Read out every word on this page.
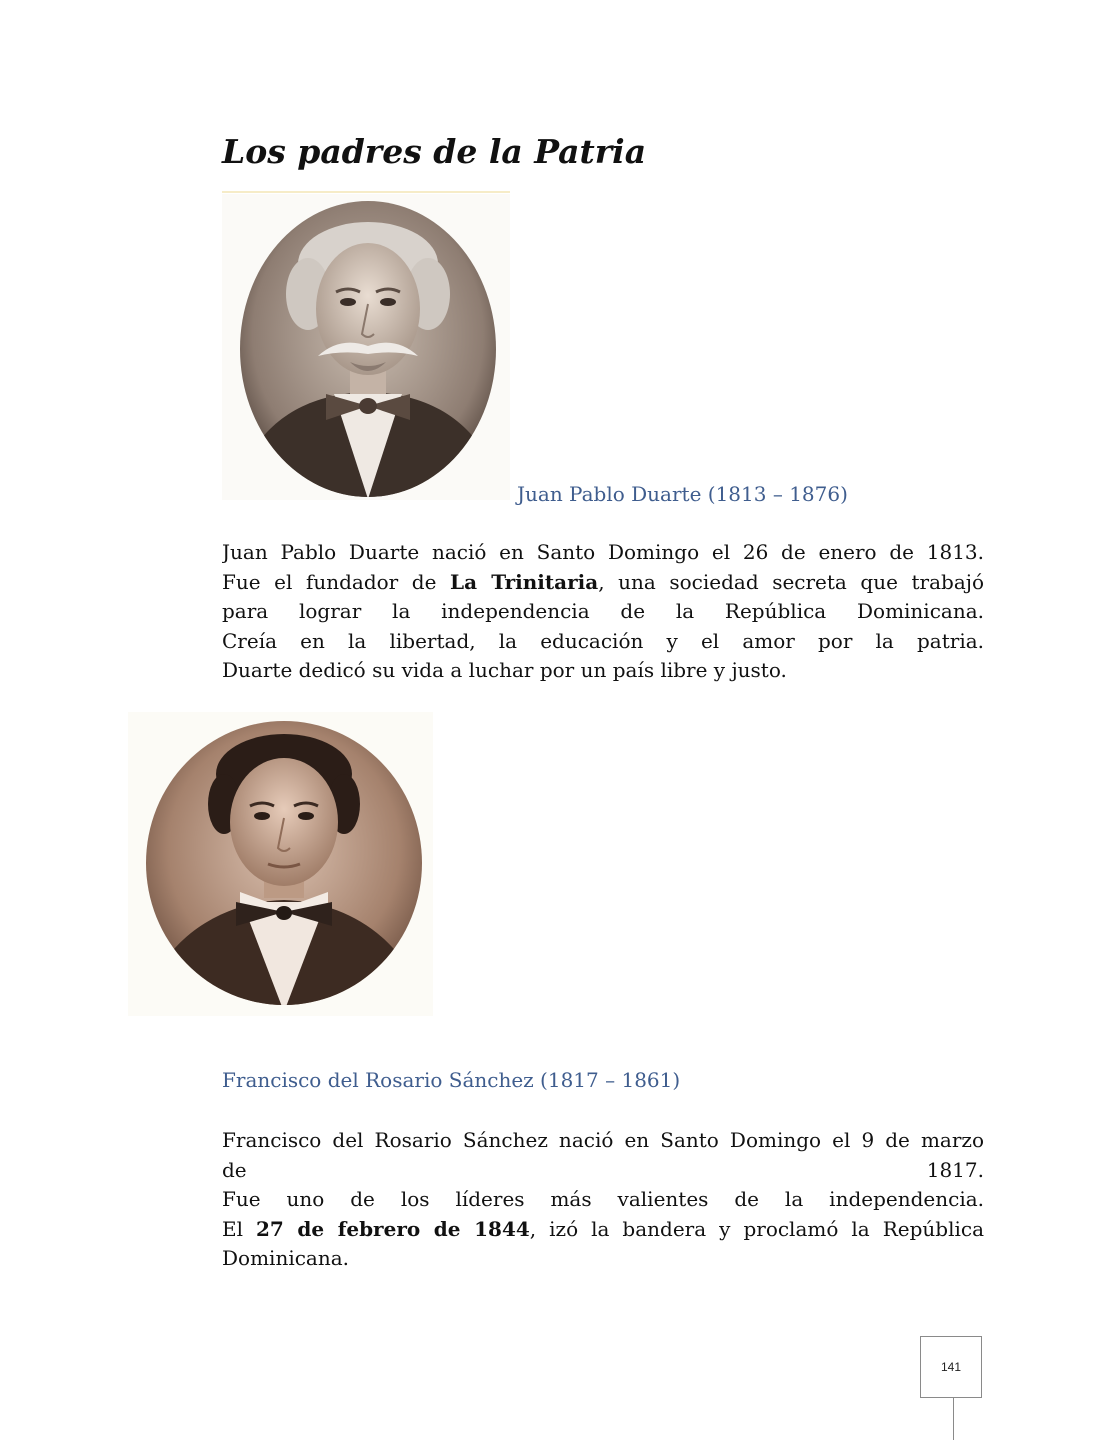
Los padres de la Patria

Juan Pablo Duarte (1813 – 1876)

Juan Pablo Duarte nació en Santo Domingo el 26 de enero de 1813.
Fue el fundador de La Trinitaria, una sociedad secreta que trabajó
para lograr la independencia de la República Dominicana.
Creía en la libertad, la educación y el amor por la patria.
Duarte dedicó su vida a luchar por un país libre y justo.

Francisco del Rosario Sánchez (1817 – 1861)

Francisco del Rosario Sánchez nació en Santo Domingo el 9 de marzo
de	1817.
Fue uno de los líderes más valientes de la independencia.
El 27 de febrero de 1844, izó la bandera y proclamó la República
Dominicana.
141
